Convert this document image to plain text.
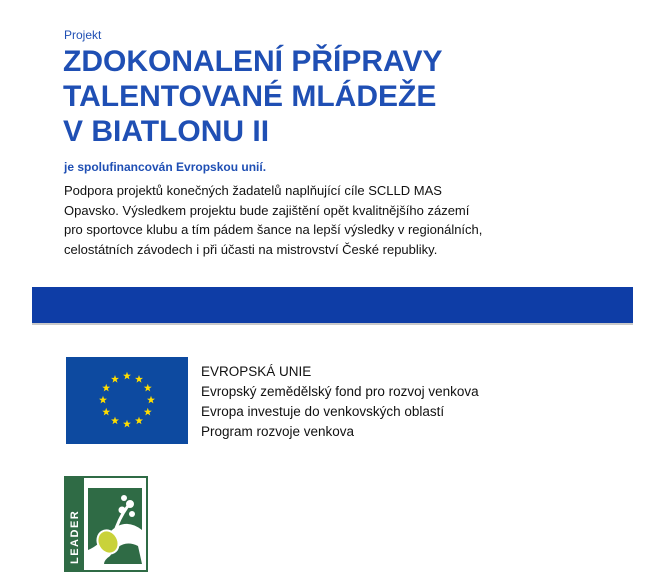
Projekt
ZDOKONALENÍ PŘÍPRAVY
TALENTOVANÉ MLÁDEŽE
V BIATLONU II
je spolufinancován Evropskou unií.
Podpora projektů konečných žadatelů naplňující cíle SCLLD MAS
Opavsko. Výsledkem projektu bude zajištění opět kvalitnějšího zázemí
pro sportovce klubu a tím pádem šance na lepší výsledky v regionálních,
celostátních závodech i při účasti na mistrovství České republiky.
EVROPSKÁ UNIE
Evropský zemědělský fond pro rozvoj venkova
Evropa investuje do venkovských oblastí
Program rozvoje venkova
LEADER
